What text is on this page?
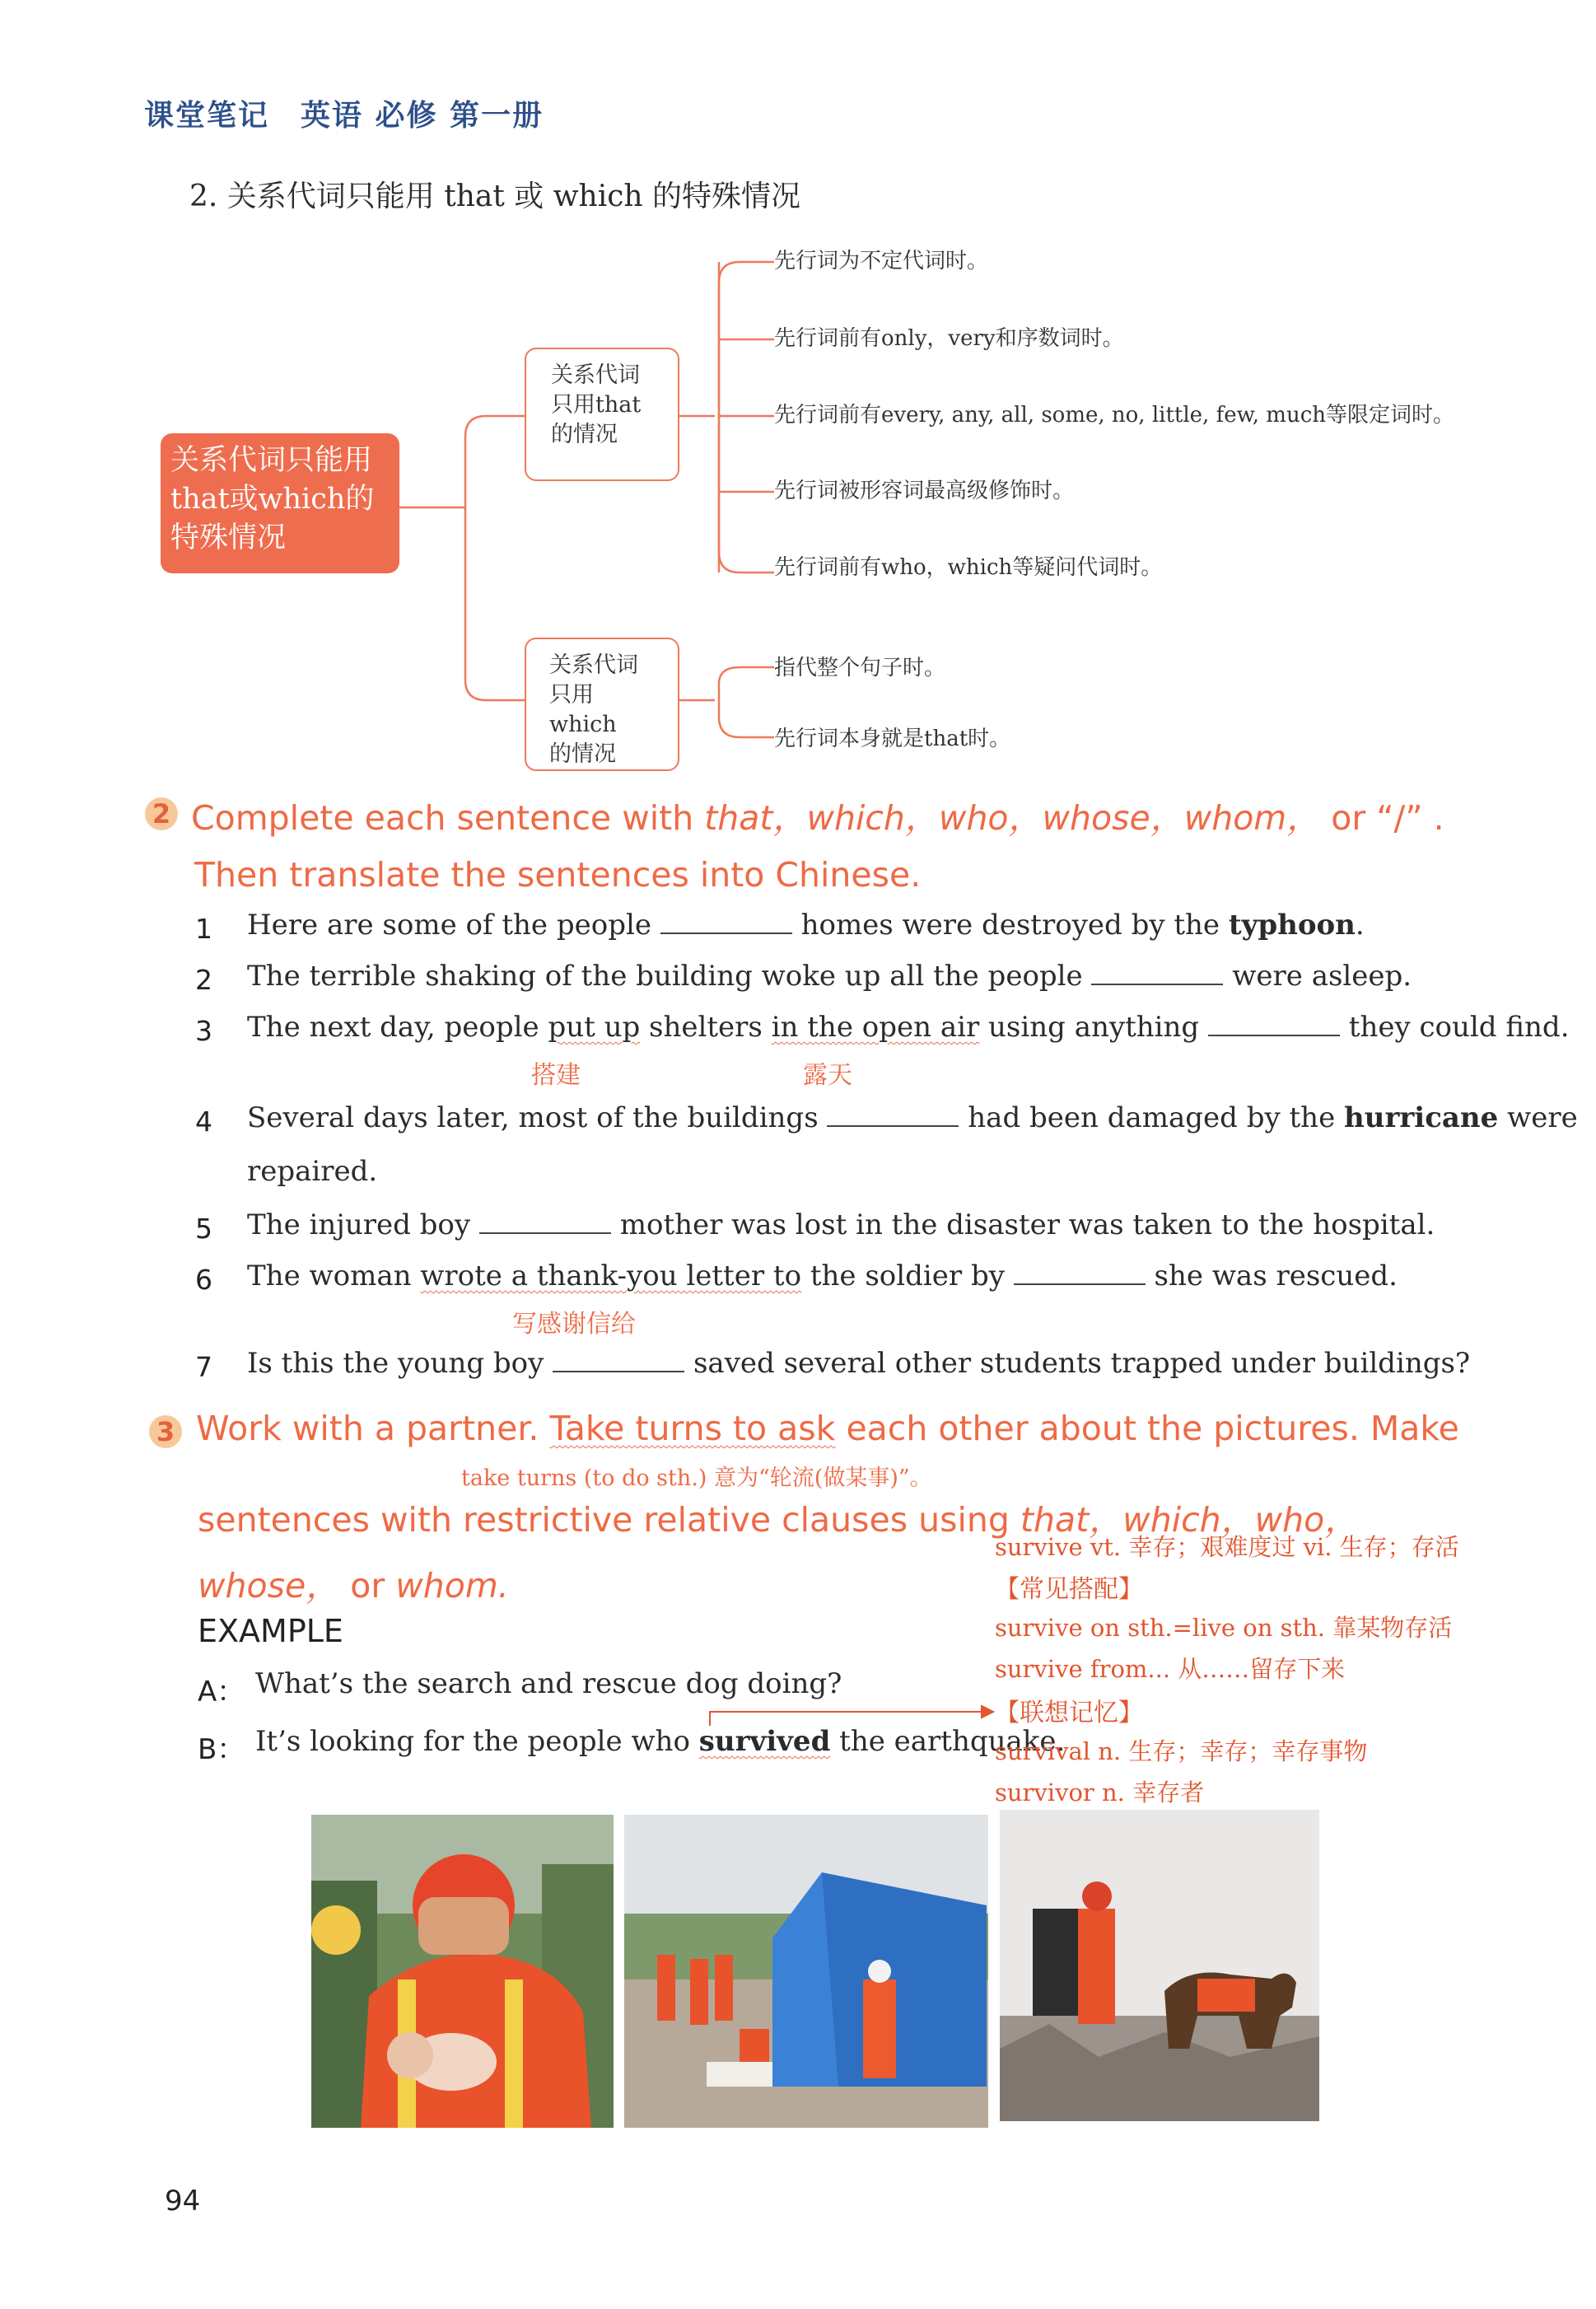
课堂笔记　英语 必修 第一册
2. 关系代词只能用 that 或 which 的特殊情况
关系代词只能用
that或which的
特殊情况
关系代词
只用that
的情况
关系代词
只用which
的情况
先行词为不定代词时。
先行词前有only，very和序数词时。
先行词前有every, any, all, some, no, little, few, much等限定词时。
先行词被形容词最高级修饰时。
先行词前有who，which等疑问代词时。
指代整个句子时。
先行词本身就是that时。
2 Complete each sentence with that，which，who，whose，whom， or “/” .
Then translate the sentences into Chinese.
1 Here are some of the people	homes were destroyed by the typhoon.
2 The terrible shaking of the building woke up all the people	were asleep.
3 The next day, people put up shelters in the open air using anything	they could find.
搭建	露天
4 Several days later, most of the buildings	had been damaged by the hurricane were
repaired.
5 The injured boy	mother was lost in the disaster was taken to the hospital.
6 The woman wrote a thank-you letter to the soldier by	she was rescued.
写感谢信给
7 Is this the young boy	saved several other students trapped under buildings?
3 Work with a partner. Take turns to ask each other about the pictures. Make
take turns (to do sth.) 意为“轮流(做某事)”。
sentences with restrictive relative clauses using that，which，who，
whose， or whom.
EXAMPLE
A： What’s the search and rescue dog doing?
B： It’s looking for the people who survived the earthquake.
survive vt. 幸存；艰难度过 vi. 生存；存活
【常见搭配】
survive on sth.=live on sth. 靠某物存活
survive from... 从……留存下来
【联想记忆】
survival n. 生存；幸存；幸存事物
survivor n. 幸存者
94
